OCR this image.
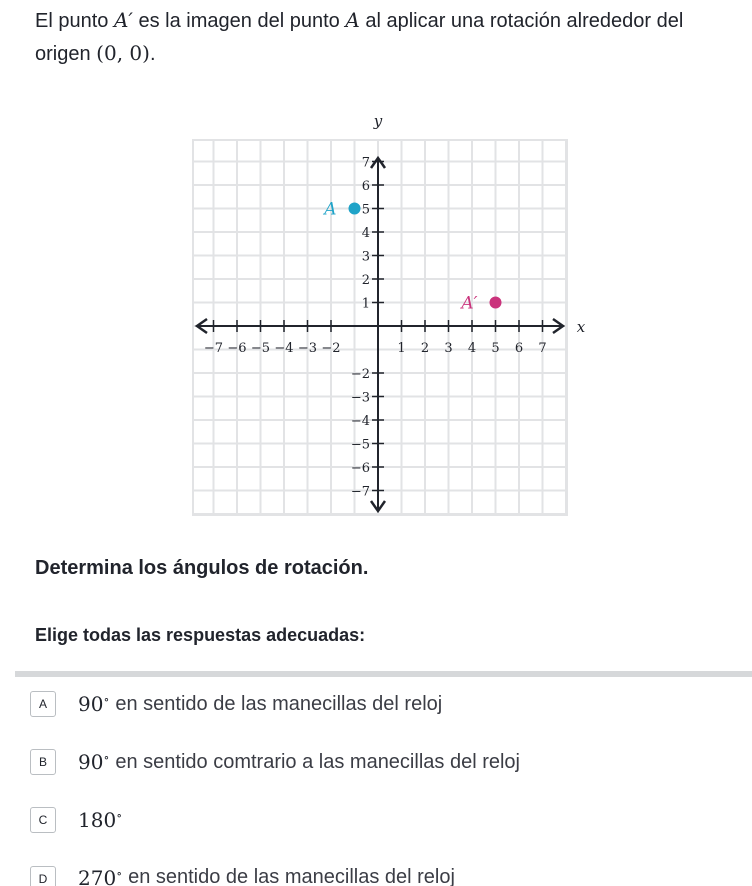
El punto A′ es la imagen del punto A al aplicar una rotación alrededor del origen (0, 0).
x
y
−7 −6 −5 −4 −3 −2	1 2 3 4 5 6 7
7
6
5
4
3
2
1
−2
−3
−4
−5
−6
−7
A
A′
Determina los ángulos de rotación.
Elige todas las respuestas adecuadas:
A	90∘ en sentido de las manecillas del reloj
B	90∘ en sentido comtrario a las manecillas del reloj
C	180∘
D	270∘ en sentido de las manecillas del reloj
